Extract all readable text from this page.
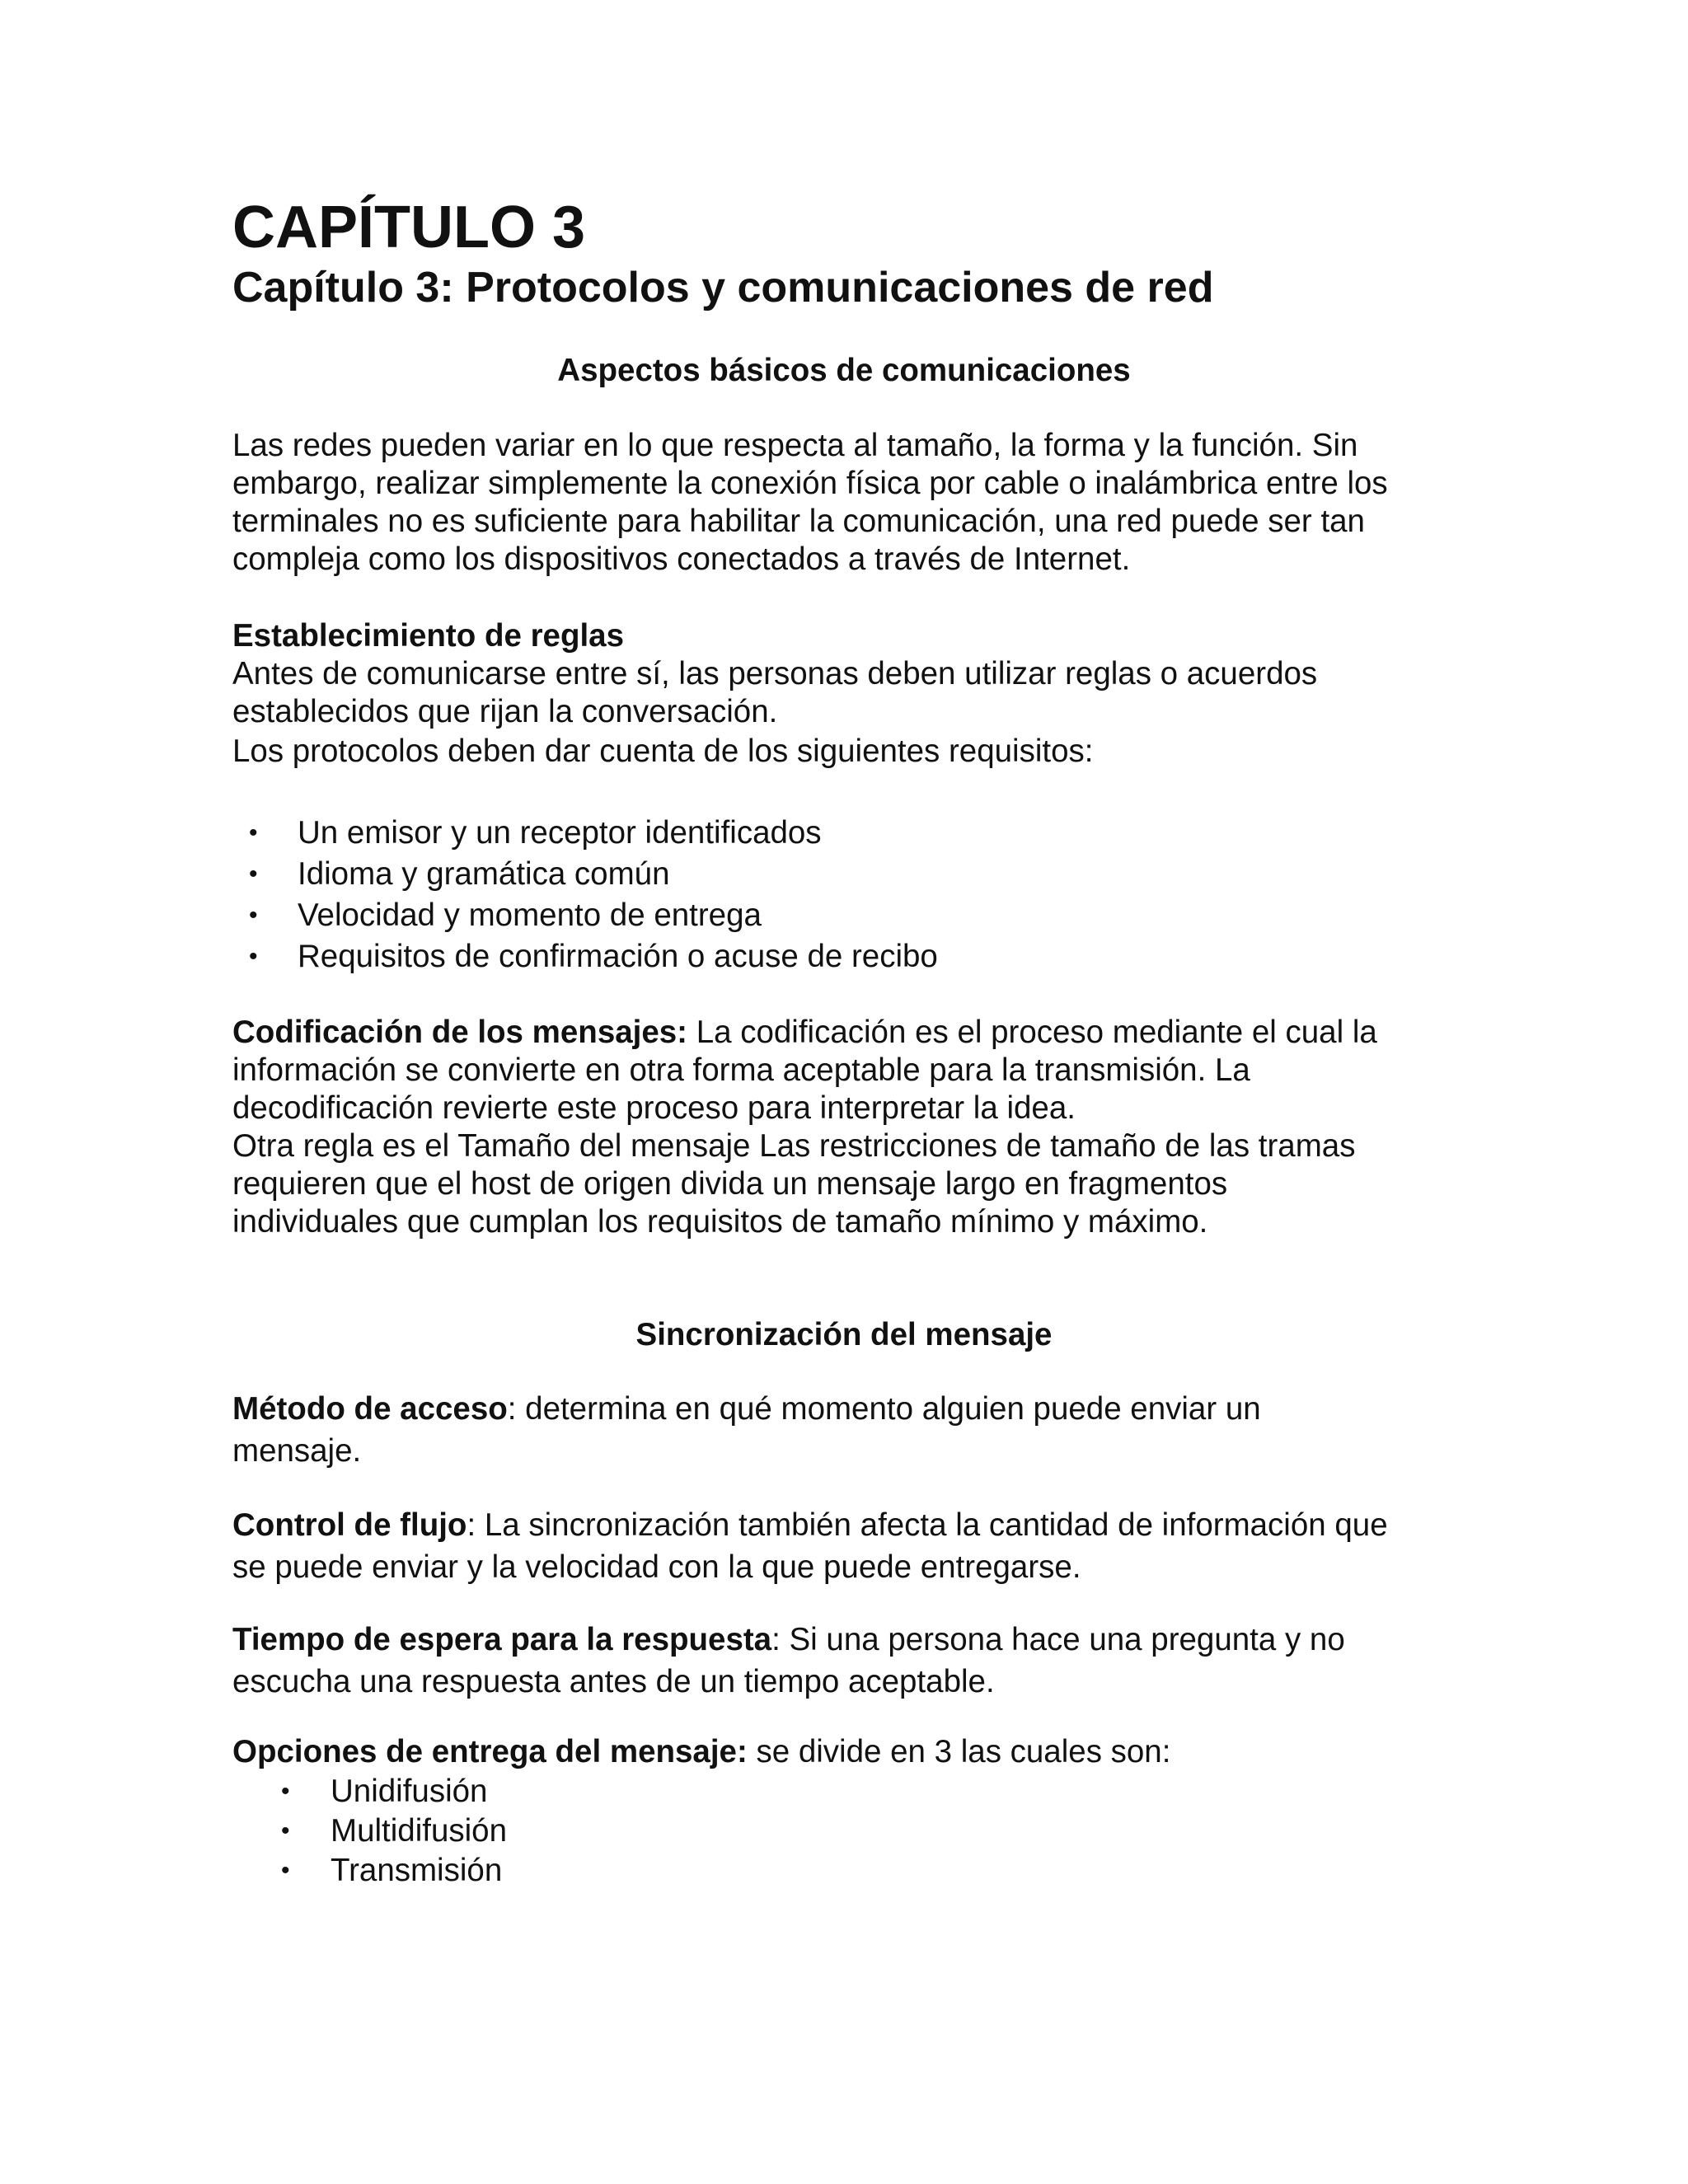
CAPÍTULO 3
Capítulo 3: Protocolos y comunicaciones de red
Aspectos básicos de comunicaciones
Las redes pueden variar en lo que respecta al tamaño, la forma y la función. Sin
embargo, realizar simplemente la conexión física por cable o inalámbrica entre los
terminales no es suficiente para habilitar la comunicación, una red puede ser tan
compleja como los dispositivos conectados a través de Internet.
Establecimiento de reglas
Antes de comunicarse entre sí, las personas deben utilizar reglas o acuerdos
establecidos que rijan la conversación.
Los protocolos deben dar cuenta de los siguientes requisitos:
• Un emisor y un receptor identificados
• Idioma y gramática común
• Velocidad y momento de entrega
• Requisitos de confirmación o acuse de recibo
Codificación de los mensajes: La codificación es el proceso mediante el cual la
información se convierte en otra forma aceptable para la transmisión. La
decodificación revierte este proceso para interpretar la idea.
Otra regla es el Tamaño del mensaje Las restricciones de tamaño de las tramas
requieren que el host de origen divida un mensaje largo en fragmentos
individuales que cumplan los requisitos de tamaño mínimo y máximo.
Sincronización del mensaje
Método de acceso: determina en qué momento alguien puede enviar un
mensaje.
Control de flujo: La sincronización también afecta la cantidad de información que
se puede enviar y la velocidad con la que puede entregarse.
Tiempo de espera para la respuesta: Si una persona hace una pregunta y no
escucha una respuesta antes de un tiempo aceptable.
Opciones de entrega del mensaje: se divide en 3 las cuales son:
• Unidifusión
• Multidifusión
• Transmisión
